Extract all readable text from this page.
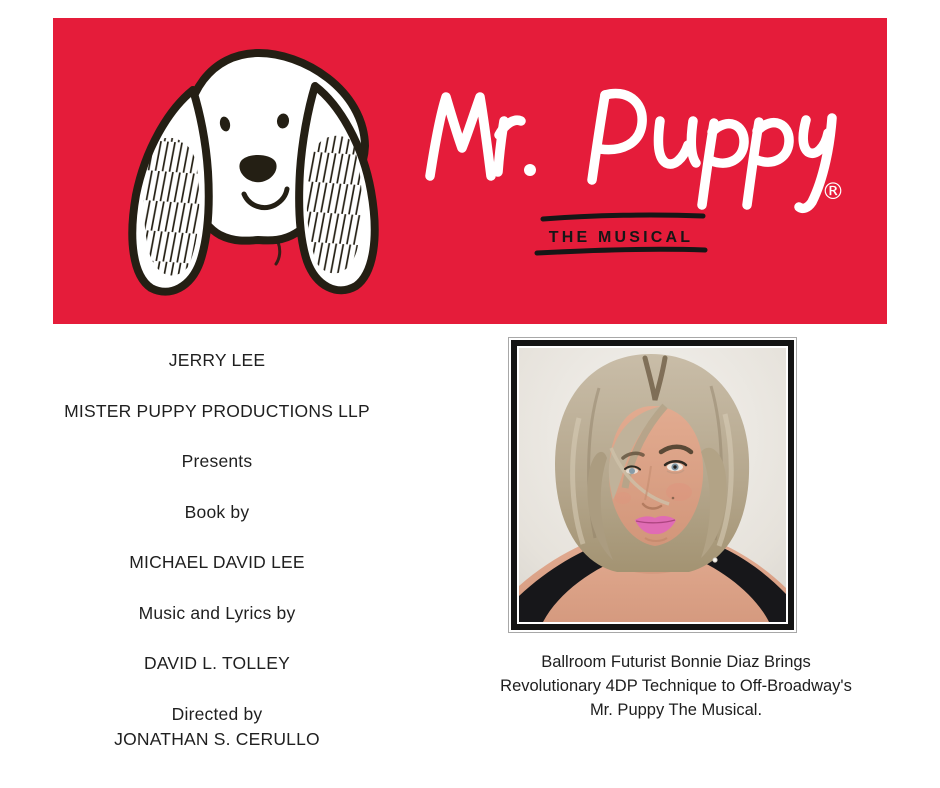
®
THE MUSICAL
JERRY LEE
MISTER PUPPY PRODUCTIONS LLP
Presents
Book by
MICHAEL DAVID LEE
Music and Lyrics by
DAVID L. TOLLEY
Directed by
JONATHAN S. CERULLO
Ballroom Futurist Bonnie Diaz Brings
Revolutionary 4DP Technique to Off-Broadway's
Mr. Puppy The Musical.
